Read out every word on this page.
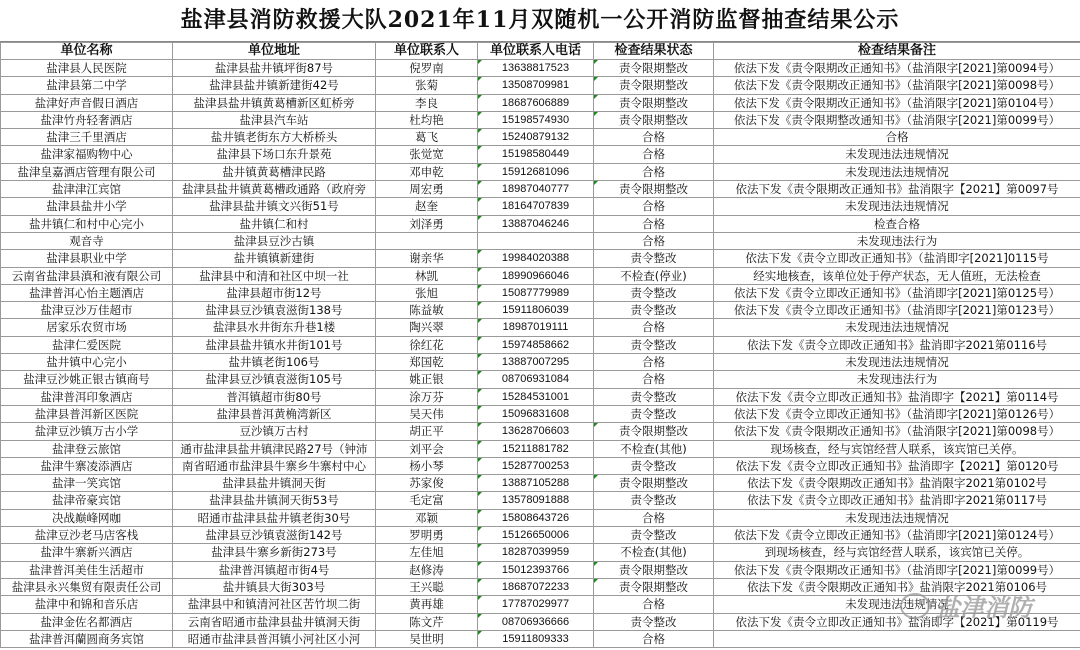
盐津县消防救援大队2021年11月双随机一公开消防监督抽查结果公示
单位名称	单位地址	单位联系人	单位联系人电话	检查结果状态	检查结果备注

盐津县人民医院	盐津县盐井镇坪街87号	倪罗南	13638817523	责令限期整改	依法下发《责令限期改正通知书》（盐消限字[2021]第0094号）

盐津县第二中学	盐津县盐井镇新建街42号	张菊	13508709981	责令限期整改	依法下发《责令限期改正通知书》（盐消限字[2021]第0098号）

盐津好声音假日酒店	盐津县盐井镇黄葛槽新区虹桥旁	李良	18687606889	责令限期整改	依法下发《责令限期改正通知书》（盐消限字[2021]第0104号）

盐津竹舟轻奢酒店	盐津县汽车站	杜均艳	15198574930	责令限期整改	依法下发《责令限期整改通知书》（盐消限字[2021]第0099号）

盐津三千里酒店	盐井镇老街东方大桥桥头	葛飞	15240879132	合格	合格

盐津家福购物中心	盐津县下场口东升景苑	张觉宽	15198580449	合格	未发现违法违规情况

盐津皇嘉酒店管理有限公司	盐井镇黄葛槽津民路	邓申乾	15912681096	合格	未发现违法违规情况

盐津津江宾馆	盐津县盐井镇黄葛槽政通路（政府旁	周宏勇	18987040777	责令限期整改	依法下发《责令限期改正通知书》盐消限字【2021】第0097号

盐津县盐井小学	盐津县盐井镇文兴街51号	赵奎	18164707839	合格	未发现违法违规情况

盐井镇仁和村中心完小	盐井镇仁和村	刘泽勇	13887046246	合格	检查合格

观音寺	盐津县豆沙古镇			合格	未发现违法行为

盐津县职业中学	盐井镇镇新建街	谢亲华	19984020388	责令整改	依法下发《责令立即改正通知书》（盐消即字[2021]0115号

云南省盐津县滇和液有限公司	盐津县中和清和社区中坝一社	林凯	18990966046	不检查(停业)	经实地核查，该单位处于停产状态，无人值班，无法检查

盐津普洱心怡主题酒店	盐津县超市街12号	张旭	15087779989	责令整改	依法下发《责令立即改正通知书》（盐消即字[2021]第0125号）

盐津豆沙万佳超市	盐津县豆沙镇袁滋街138号	陈益敏	15911806039	责令整改	依法下发《责令立即改正通知书》（盐消即字[2021]第0123号）

居家乐农贸市场	盐津县水井街东升巷1楼	陶兴翠	18987019111	合格	未发现违法违规情况

盐津仁爱医院	盐津县盐井镇水井街101号	徐红花	15974858662	责令整改	依法下发《责令立即改正通知书》盐消即字2021第0116号

盐井镇中心完小	盐井镇老街106号	郑国乾	13887007295	合格	未发现违法违规情况

盐津豆沙姚正银古镇商号	盐津县豆沙镇袁滋街105号	姚正银	08706931084	合格	未发现违法行为

盐津普洱印象酒店	普洱镇超市街80号	涂万芬	15284531001	责令整改	依法下发《责令立即改正通知书》盐消即字【2021】第0114号

盐津县普洱新区医院	盐津县普洱黄桷湾新区	吴天伟	15096831608	责令整改	依法下发《责令立即改正通知书》（盐消即字[2021]第0126号）

盐津豆沙镇万古小学	豆沙镇万古村	胡正平	13628706603	责令限期整改	依法下发《责令限期改正通知书》（盐消限字[2021]第0098号）

盐津登云旅馆	通市盐津县盐井镇津民路27号（钟沛	刘平会	15211881782	不检查(其他)	现场核查，经与宾馆经营人联系，该宾馆已关停。

盐津牛寨凌添酒店	南省昭通市盐津县牛寨乡牛寨村中心	杨小琴	15287700253	责令整改	依法下发《责令立即改正通知书》盐消即字【2021】第0120号

盐津一笑宾馆	盐津县盐井镇洞天街	苏家俊	13887105288	责令限期整改	依法下发《责令限期改正通知书》盐消限字2021第0102号

盐津帝豪宾馆	盐津县盐井镇洞天街53号	毛定富	13578091888	责令整改	依法下发《责令立即改正通知书》盐消即字2021第0117号

决战巅峰网咖	昭通市盐津县盐井镇老街30号	邓颖	15808643726	合格	未发现违法违规情况

盐津豆沙老马店客栈	盐津县豆沙镇袁滋街142号	罗明勇	15126650006	责令整改	依法下发《责令立即改正通知书》（盐消即字[2021]第0124号）

盐津牛寨新兴酒店	盐津县牛寨乡新街273号	左佳旭	18287039959	不检查(其他)	到现场核查，经与宾馆经营人联系，该宾馆已关停。

盐津普洱美佳生活超市	盐津普洱镇超市街4号	赵修涛	15012393766	责令限期整改	依法下发《责令限期改正通知书》（盐消即字[2021]第0099号）

盐津县永兴集贸有限责任公司	盐井镇县大街303号	王兴聪	18687072233	责令限期整改	依法下发《责令限期改正通知书》盐消限字2021第0106号

盐津中和锦和音乐店	盐津县中和镇清河社区苦竹坝二街	黄再雄	17787029977	合格	未发现违法违规情况

盐津金佐名都酒店	云南省昭通市盐津县盐井镇洞天街	陈文芹	08706936666	责令整改	依法下发《责令立即改正通知书》盐消即字【2021】第0119号

盐津普洱蘭圆商务宾馆	昭通市盐津县普洱镇小河社区小河	吴世明	15911809333	合格	

盐津消防
